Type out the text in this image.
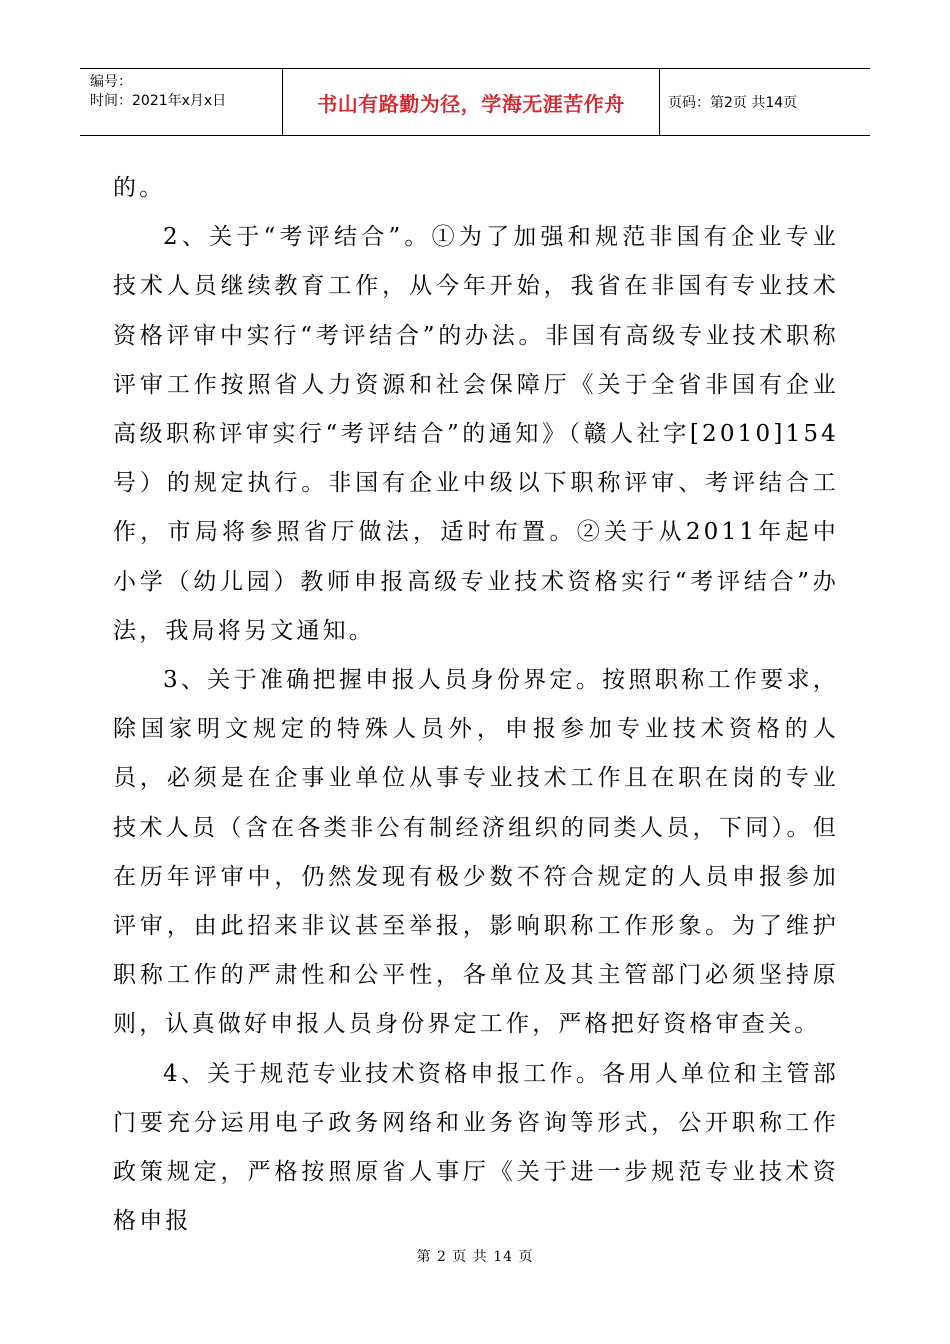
编号：
时间：2021年x月x日	书山有路勤为径，学海无涯苦作舟	页码：第2页 共14页

的。

2、关于“考评结合”。①为了加强和规范非国有企业专业技术人员继续教育工作，从今年开始，我省在非国有专业技术资格评审中实行“考评结合”的办法。非国有高级专业技术职称评审工作按照省人力资源和社会保障厅《关于全省非国有企业高级职称评审实行“考评结合”的通知》（赣人社字[2010]154号）的规定执行。非国有企业中级以下职称评审、考评结合工作，市局将参照省厅做法，适时布置。②关于从2011年起中小学（幼儿园）教师申报高级专业技术资格实行“考评结合”办法，我局将另文通知。

3、关于准确把握申报人员身份界定。按照职称工作要求，除国家明文规定的特殊人员外，申报参加专业技术资格的人员，必须是在企事业单位从事专业技术工作且在职在岗的专业技术人员（含在各类非公有制经济组织的同类人员，下同）。但在历年评审中，仍然发现有极少数不符合规定的人员申报参加评审，由此招来非议甚至举报，影响职称工作形象。为了维护职称工作的严肃性和公平性，各单位及其主管部门必须坚持原则，认真做好申报人员身份界定工作，严格把好资格审查关。

4、关于规范专业技术资格申报工作。各用人单位和主管部门要充分运用电子政务网络和业务咨询等形式，公开职称工作政策规定，严格按照原省人事厅《关于进一步规范专业技术资格申报

第 2 页 共 14 页
